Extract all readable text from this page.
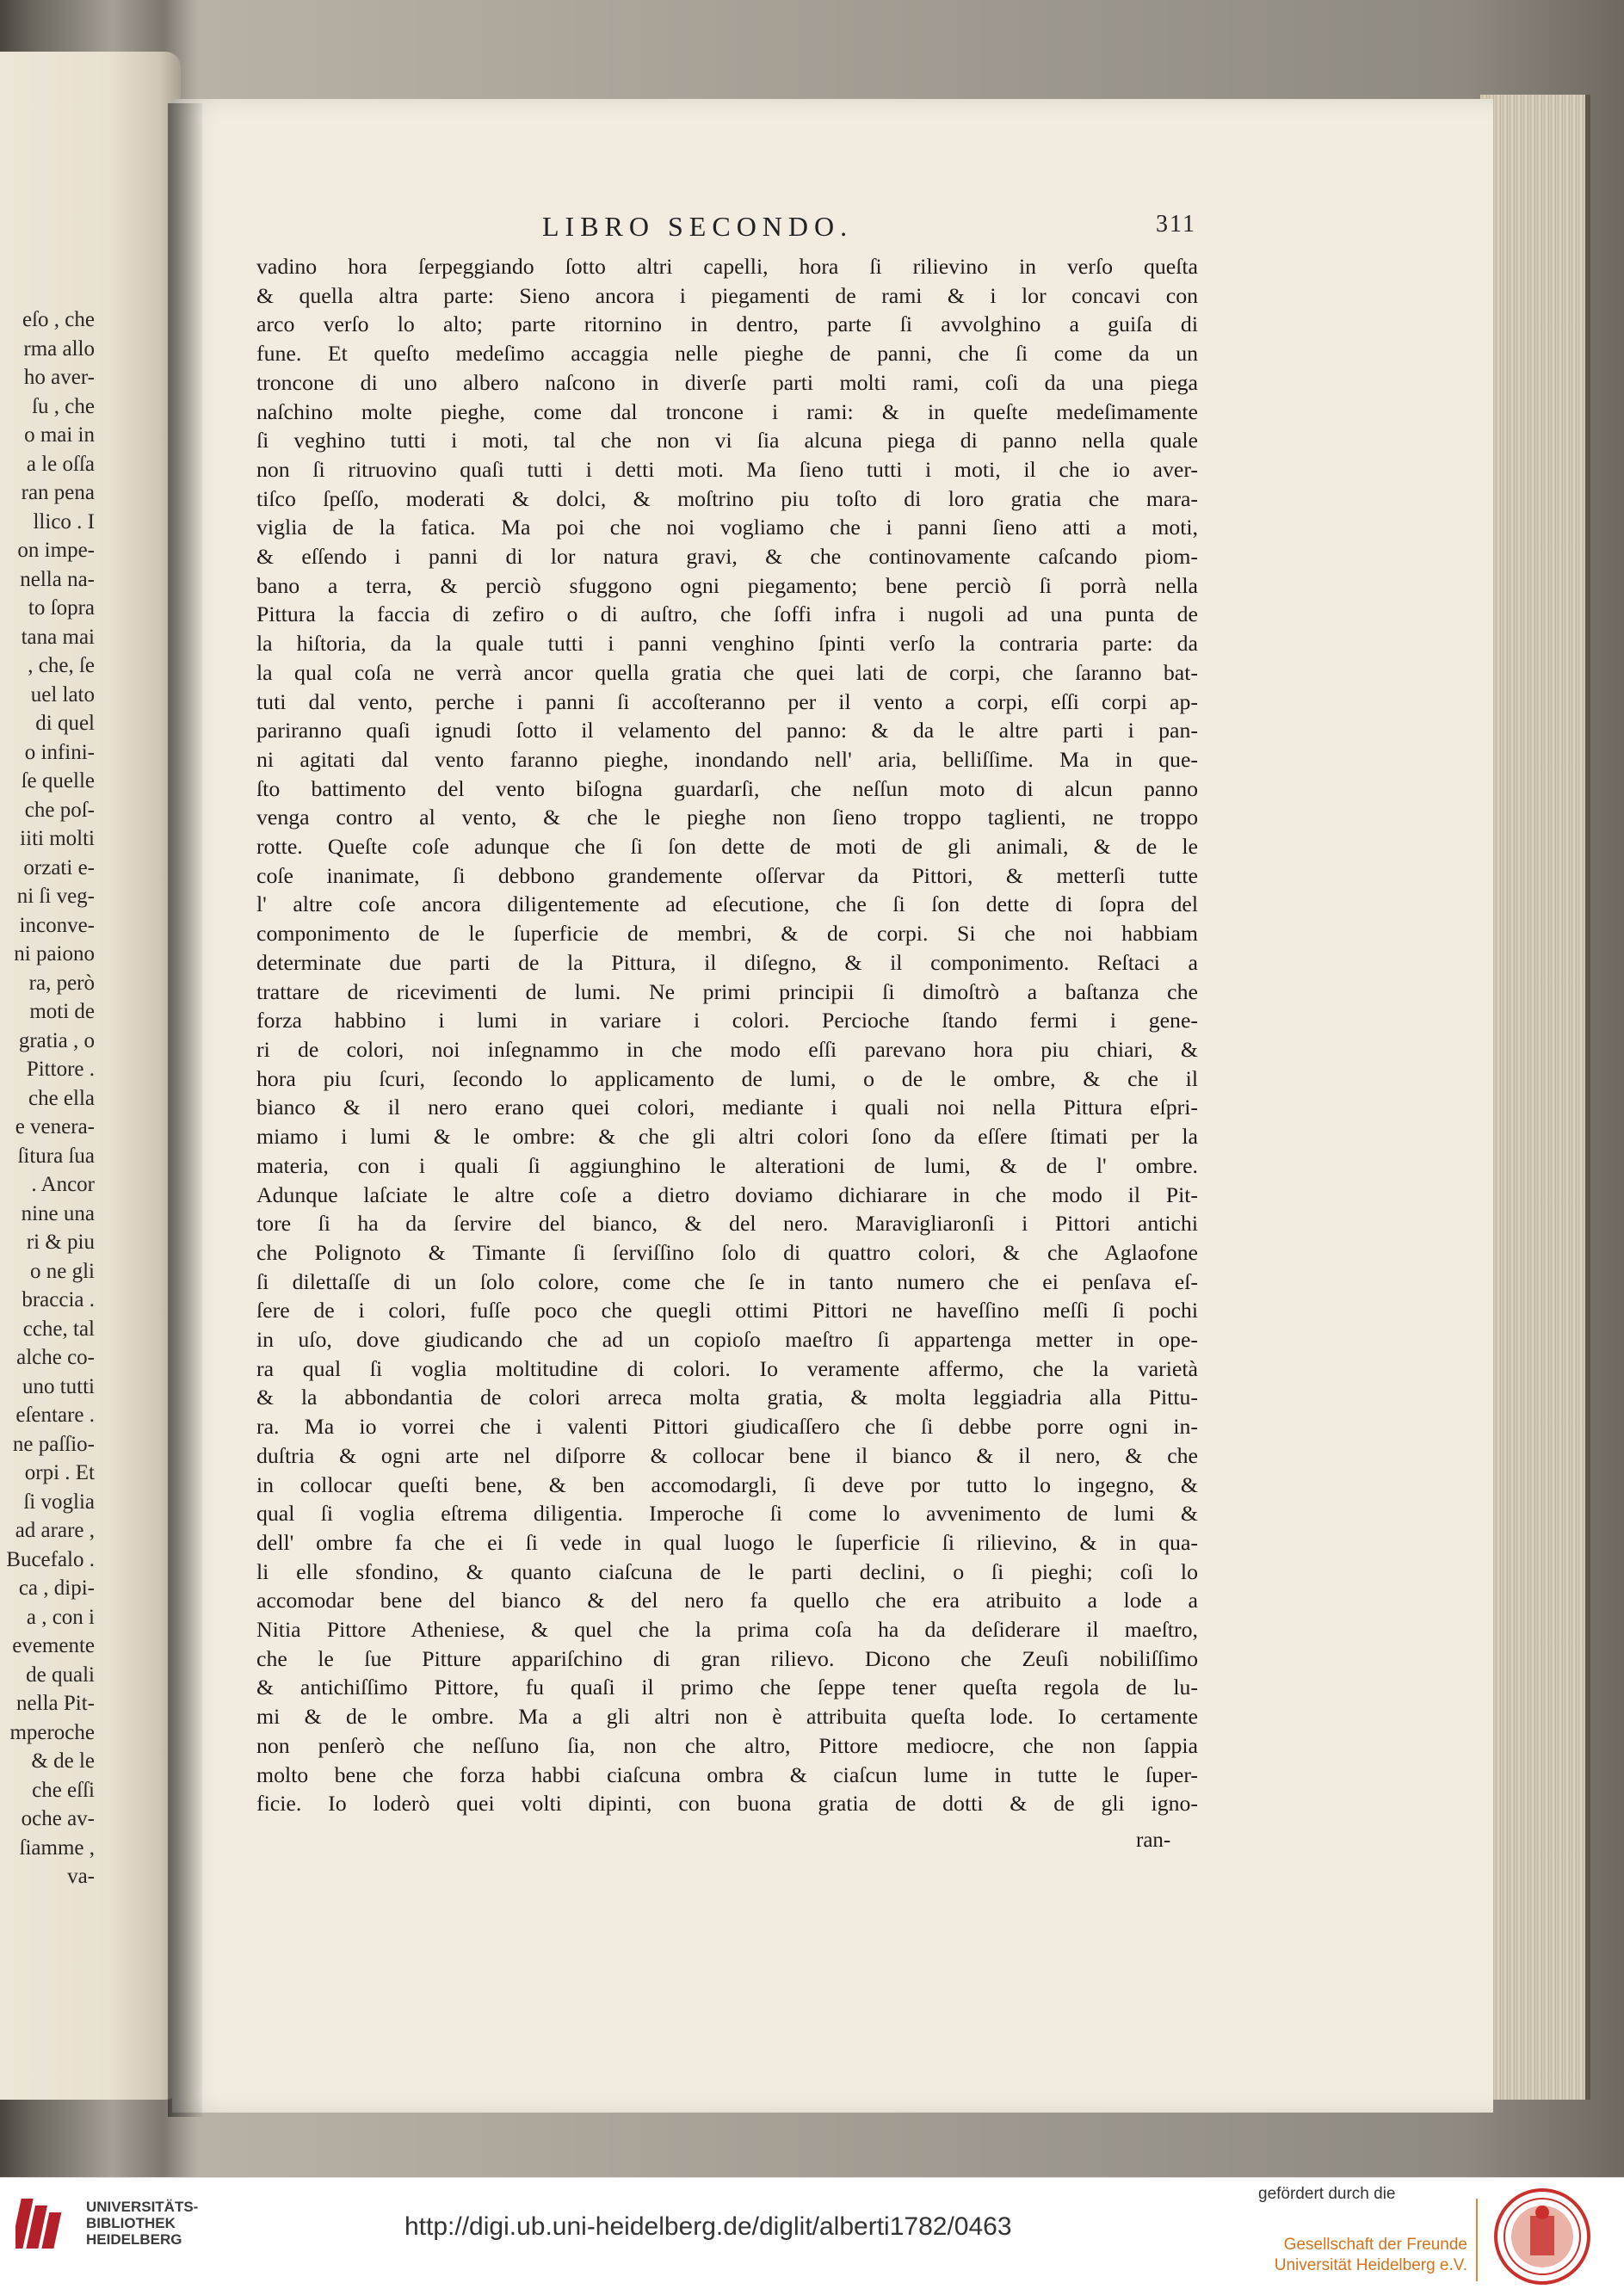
eſo , che
rma allo
ho aver-
ſu , che
o mai in
a le oſſa
ran pena
llico . I
on impe-
nella na-
to ſopra
tana mai
, che, ſe
uel lato
di quel
o infini-
ſe quelle
che poſ-
iiti molti
orzati e-
ni ſi veg-
inconve-
ni paiono
ra, però
moti de
gratia , o
Pittore .
che ella
e venera-
ſitura ſua
. Ancor
nine una
ri & piu
o ne gli
braccia .
cche, tal
alche co-
uno tutti
eſentare .
ne paſſio-
orpi . Et
ſi voglia
ad arare ,
Bucefalo .
ca , dipi-
a , con i
evemente
de quali
nella Pit-
mperoche
& de le
che eſſi
oche av-
ſiamme ,
va-
LIBRO SECONDO.	311
vadino hora ſerpeggiando ſotto altri capelli, hora ſi rilievino in verſo queſta
& quella altra parte: Sieno ancora i piegamenti de rami & i lor concavi con
arco verſo lo alto; parte ritornino in dentro, parte ſi avvolghino a guiſa di
fune. Et queſto medeſimo accaggia nelle pieghe de panni, che ſi come da un
troncone di uno albero naſcono in diverſe parti molti rami, coſi da una piega
naſchino molte pieghe, come dal troncone i rami: & in queſte medeſimamente
ſi veghino tutti i moti, tal che non vi ſia alcuna piega di panno nella quale
non ſi ritruovino quaſi tutti i detti moti. Ma ſieno tutti i moti, il che io aver-
tiſco ſpeſſo, moderati & dolci, & moſtrino piu toſto di loro gratia che mara-
viglia de la fatica. Ma poi che noi vogliamo che i panni ſieno atti a moti,
& eſſendo i panni di lor natura gravi, & che continovamente caſcando piom-
bano a terra, & perciò sfuggono ogni piegamento; bene perciò ſi porrà nella
Pittura la faccia di zefiro o di auſtro, che ſoffi infra i nugoli ad una punta de
la hiſtoria, da la quale tutti i panni venghino ſpinti verſo la contraria parte: da
la qual coſa ne verrà ancor quella gratia che quei lati de corpi, che ſaranno bat-
tuti dal vento, perche i panni ſi accoſteranno per il vento a corpi, eſſi corpi ap-
pariranno quaſi ignudi ſotto il velamento del panno: & da le altre parti i pan-
ni agitati dal vento faranno pieghe, inondando nell' aria, belliſſime. Ma in que-
ſto battimento del vento biſogna guardarſi, che neſſun moto di alcun panno
venga contro al vento, & che le pieghe non ſieno troppo taglienti, ne troppo
rotte. Queſte coſe adunque che ſi ſon dette de moti de gli animali, & de le
coſe inanimate, ſi debbono grandemente oſſervar da Pittori, & metterſi tutte
l' altre coſe ancora diligentemente ad eſecutione, che ſi ſon dette di ſopra del
componimento de le ſuperficie de membri, & de corpi. Si che noi habbiam
determinate due parti de la Pittura, il diſegno, & il componimento. Reſtaci a
trattare de ricevimenti de lumi. Ne primi principii ſi dimoſtrò a baſtanza che
forza habbino i lumi in variare i colori. Percioche ſtando fermi i gene-
ri de colori, noi inſegnammo in che modo eſſi parevano hora piu chiari, &
hora piu ſcuri, ſecondo lo applicamento de lumi, o de le ombre, & che il
bianco & il nero erano quei colori, mediante i quali noi nella Pittura eſpri-
miamo i lumi & le ombre: & che gli altri colori ſono da eſſere ſtimati per la
materia, con i quali ſi aggiunghino le alterationi de lumi, & de l' ombre.
Adunque laſciate le altre coſe a dietro doviamo dichiarare in che modo il Pit-
tore ſi ha da ſervire del bianco, & del nero. Maravigliaronſi i Pittori antichi
che Polignoto & Timante ſi ſerviſſino ſolo di quattro colori, & che Aglaofone
ſi dilettaſſe di un ſolo colore, come che ſe in tanto numero che ei penſava eſ-
ſere de i colori, fuſſe poco che quegli ottimi Pittori ne haveſſino meſſi ſi pochi
in uſo, dove giudicando che ad un copioſo maeſtro ſi appartenga metter in ope-
ra qual ſi voglia moltitudine di colori. Io veramente affermo, che la varietà
& la abbondantia de colori arreca molta gratia, & molta leggiadria alla Pittu-
ra. Ma io vorrei che i valenti Pittori giudicaſſero che ſi debbe porre ogni in-
duſtria & ogni arte nel diſporre & collocar bene il bianco & il nero, & che
in collocar queſti bene, & ben accomodargli, ſi deve por tutto lo ingegno, &
qual ſi voglia eſtrema diligentia. Imperoche ſi come lo avvenimento de lumi &
dell' ombre fa che ei ſi vede in qual luogo le ſuperficie ſi rilievino, & in qua-
li elle sfondino, & quanto ciaſcuna de le parti declini, o ſi pieghi; coſi lo
accomodar bene del bianco & del nero fa quello che era atribuito a lode a
Nitia Pittore Atheniese, & quel che la prima coſa ha da deſiderare il maeſtro,
che le ſue Pitture appariſchino di gran rilievo. Dicono che Zeuſi nobiliſſimo
& antichiſſimo Pittore, fu quaſi il primo che ſeppe tener queſta regola de lu-
mi & de le ombre. Ma a gli altri non è attribuita queſta lode. Io certamente
non penſerò che neſſuno ſia, non che altro, Pittore mediocre, che non ſappia
molto bene che forza habbi ciaſcuna ombra & ciaſcun lume in tutte le ſuper-
ficie. Io loderò quei volti dipinti, con buona gratia de dotti & de gli igno-
ran-
UNIVERSITÄTS-
BIBLIOTHEK
HEIDELBERG	http://digi.ub.uni-heidelberg.de/diglit/alberti1782/0463
gefördert durch die
Gesellschaft der Freunde
Universität Heidelberg e.V.
